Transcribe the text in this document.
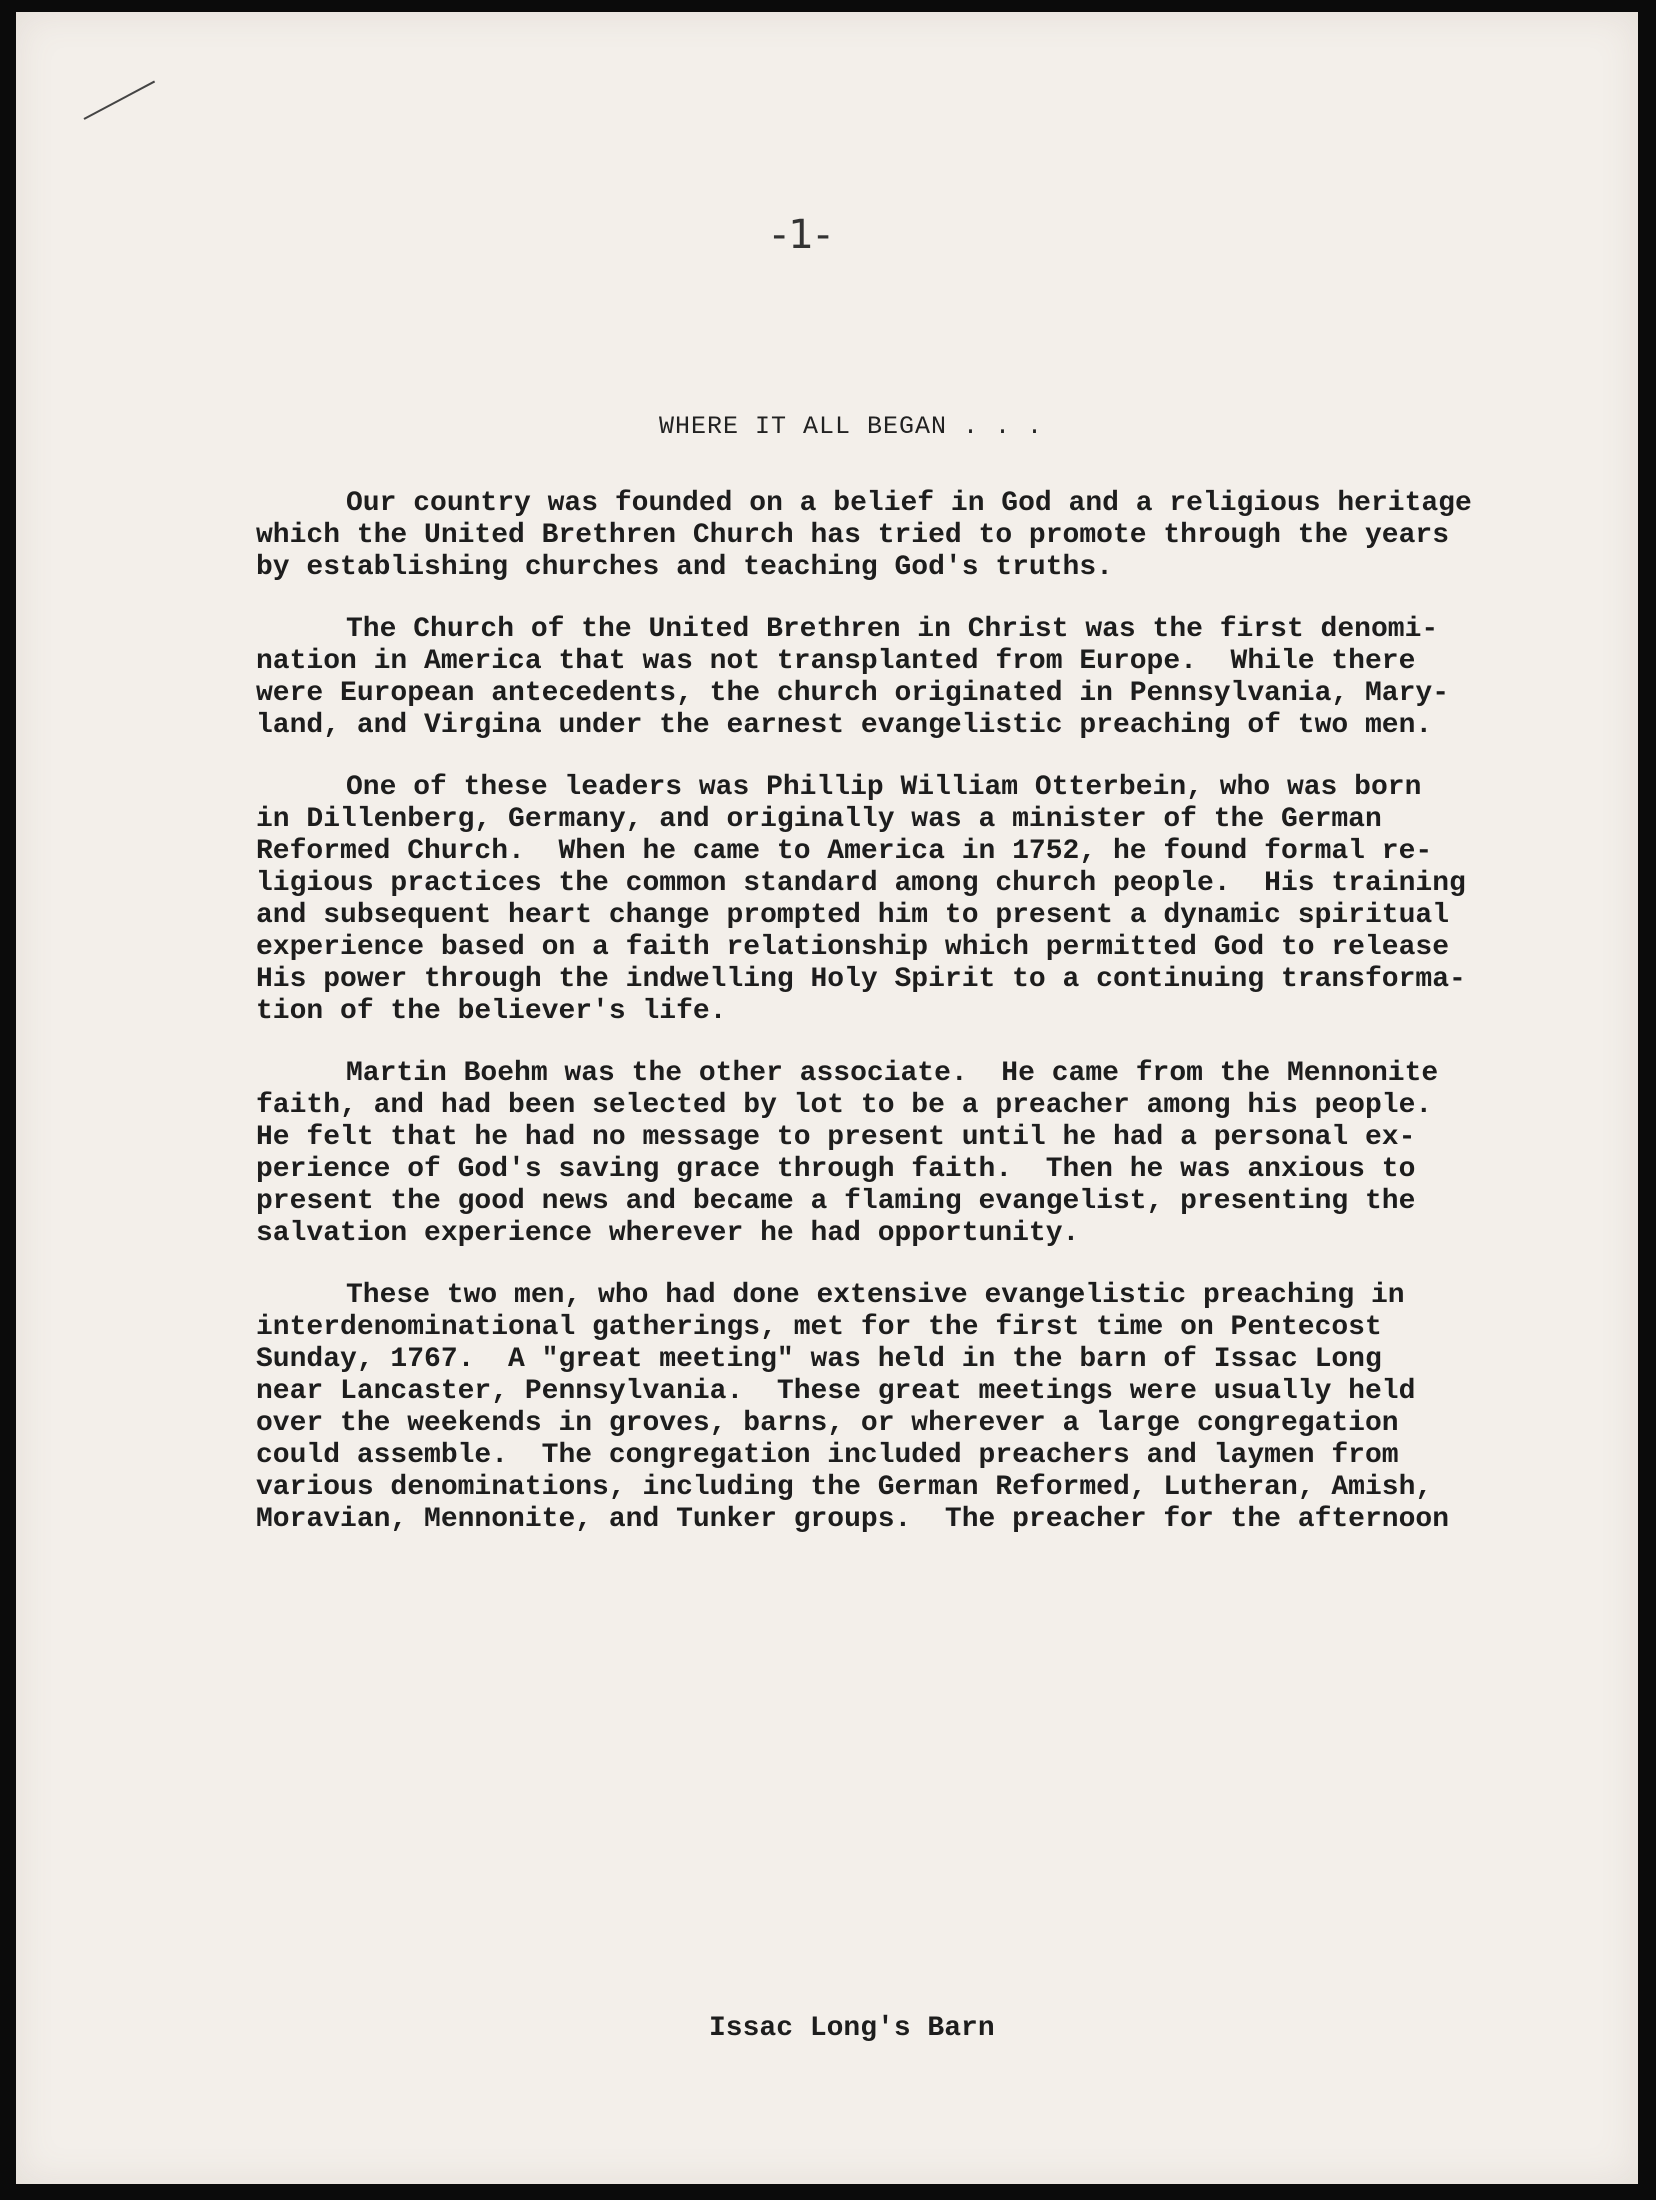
-1-
WHERE IT ALL BEGAN . . .
Our country was founded on a belief in God and a religious heritage
which the United Brethren Church has tried to promote through the years
by establishing churches and teaching God's truths.
The Church of the United Brethren in Christ was the first denomi-
nation in America that was not transplanted from Europe.  While there
were European antecedents, the church originated in Pennsylvania, Mary-
land, and Virgina under the earnest evangelistic preaching of two men.
One of these leaders was Phillip William Otterbein, who was born
in Dillenberg, Germany, and originally was a minister of the German
Reformed Church.  When he came to America in 1752, he found formal re-
ligious practices the common standard among church people.  His training
and subsequent heart change prompted him to present a dynamic spiritual
experience based on a faith relationship which permitted God to release
His power through the indwelling Holy Spirit to a continuing transforma-
tion of the believer's life.
Martin Boehm was the other associate.  He came from the Mennonite
faith, and had been selected by lot to be a preacher among his people.
He felt that he had no message to present until he had a personal ex-
perience of God's saving grace through faith.  Then he was anxious to
present the good news and became a flaming evangelist, presenting the
salvation experience wherever he had opportunity.
These two men, who had done extensive evangelistic preaching in
interdenominational gatherings, met for the first time on Pentecost
Sunday, 1767.  A "great meeting" was held in the barn of Issac Long
near Lancaster, Pennsylvania.  These great meetings were usually held
over the weekends in groves, barns, or wherever a large congregation
could assemble.  The congregation included preachers and laymen from
various denominations, including the German Reformed, Lutheran, Amish,
Moravian, Mennonite, and Tunker groups.  The preacher for the afternoon
Issac Long's Barn
